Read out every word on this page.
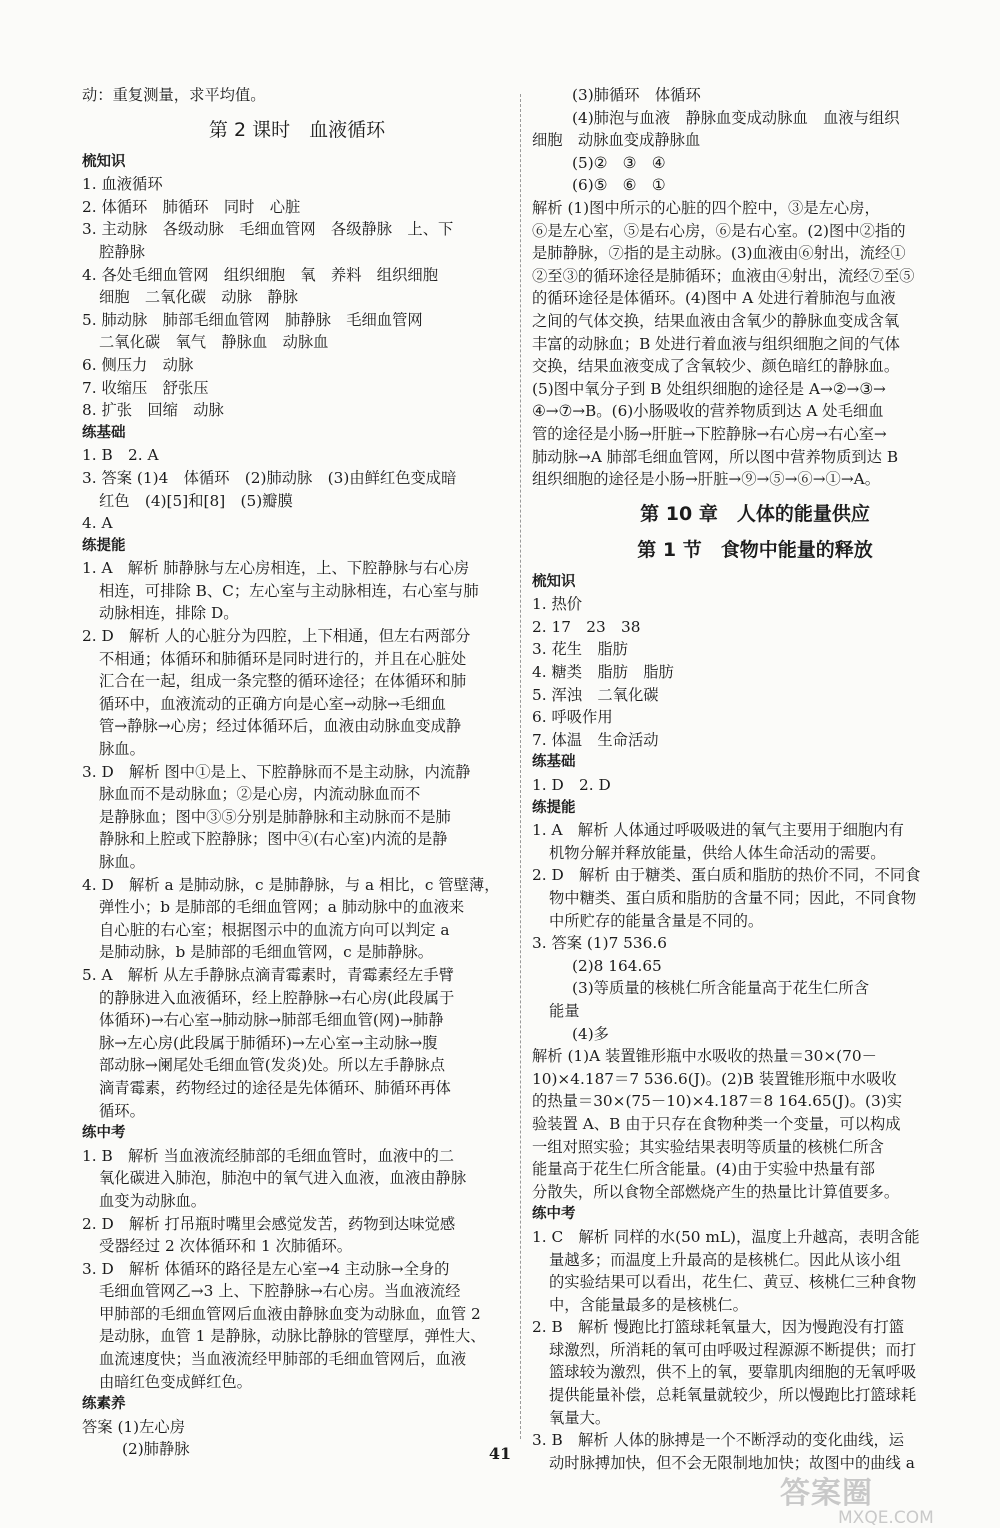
动：重复测量，求平均值。

第 2 课时　血液循环

梳知识

1. 血液循环

2. 体循环　肺循环　同时　心脏

3. 主动脉　各级动脉　毛细血管网　各级静脉　上、下

腔静脉

4. 各处毛细血管网　组织细胞　氧　养料　组织细胞

细胞　二氧化碳　动脉　静脉

5. 肺动脉　肺部毛细血管网　肺静脉　毛细血管网

二氧化碳　氧气　静脉血　动脉血

6. 侧压力　动脉

7. 收缩压　舒张压

8. 扩张　回缩　动脉

练基础

1. B　2. A

3. 答案 (1)4　体循环　(2)肺动脉　(3)由鲜红色变成暗

红色　(4)[5]和[8]　(5)瓣膜

4. A

练提能

1. A　解析 肺静脉与左心房相连，上、下腔静脉与右心房

相连，可排除 B、C；左心室与主动脉相连，右心室与肺

动脉相连，排除 D。

2. D　解析 人的心脏分为四腔，上下相通，但左右两部分

不相通；体循环和肺循环是同时进行的，并且在心脏处

汇合在一起，组成一条完整的循环途径；在体循环和肺

循环中，血液流动的正确方向是心室→动脉→毛细血

管→静脉→心房；经过体循环后，血液由动脉血变成静

脉血。

3. D　解析 图中①是上、下腔静脉而不是主动脉，内流静

脉血而不是动脉血；②是心房，内流动脉血而不

是静脉血；图中③⑤分别是肺静脉和主动脉而不是肺

静脉和上腔或下腔静脉；图中④(右心室)内流的是静

脉血。

4. D　解析 a 是肺动脉，c 是肺静脉，与 a 相比，c 管壁薄，

弹性小；b 是肺部的毛细血管网；a 肺动脉中的血液来

自心脏的右心室；根据图示中的血流方向可以判定 a

是肺动脉，b 是肺部的毛细血管网，c 是肺静脉。

5. A　解析 从左手静脉点滴青霉素时，青霉素经左手臂

的静脉进入血液循环，经上腔静脉→右心房(此段属于

体循环)→右心室→肺动脉→肺部毛细血管(网)→肺静

脉→左心房(此段属于肺循环)→左心室→主动脉→腹

部动脉→阑尾处毛细血管(发炎)处。所以左手静脉点

滴青霉素，药物经过的途径是先体循环、肺循环再体

循环。

练中考

1. B　解析 当血液流经肺部的毛细血管时，血液中的二

氧化碳进入肺泡，肺泡中的氧气进入血液，血液由静脉

血变为动脉血。

2. D　解析 打吊瓶时嘴里会感觉发苦，药物到达味觉感

受器经过 2 次体循环和 1 次肺循环。

3. D　解析 体循环的路径是左心室→4 主动脉→全身的

毛细血管网乙→3 上、下腔静脉→右心房。当血液流经

甲肺部的毛细血管网后血液由静脉血变为动脉血，血管 2

是动脉，血管 1 是静脉，动脉比静脉的管壁厚，弹性大、

血流速度快；当血液流经甲肺部的毛细血管网后，血液

由暗红色变成鲜红色。

练素养

答案 (1)左心房

(2)肺静脉

(3)肺循环　体循环

(4)肺泡与血液　静脉血变成动脉血　血液与组织

细胞　动脉血变成静脉血

(5)②　③　④

(6)⑤　⑥　①

解析 (1)图中所示的心脏的四个腔中，③是左心房，

⑥是左心室，⑤是右心房，⑥是右心室。(2)图中②指的

是肺静脉，⑦指的是主动脉。(3)血液由⑥射出，流经①

②至③的循环途径是肺循环；血液由④射出，流经⑦至⑤

的循环途径是体循环。(4)图中 A 处进行着肺泡与血液

之间的气体交换，结果血液由含氧少的静脉血变成含氧

丰富的动脉血；B 处进行着血液与组织细胞之间的气体

交换，结果血液变成了含氧较少、颜色暗红的静脉血。

(5)图中氧分子到 B 处组织细胞的途径是 A→②→③→

④→⑦→B。(6)小肠吸收的营养物质到达 A 处毛细血

管的途径是小肠→肝脏→下腔静脉→右心房→右心室→

肺动脉→A 肺部毛细血管网，所以图中营养物质到达 B

组织细胞的途径是小肠→肝脏→⑨→⑤→⑥→①→A。

第 10 章　人体的能量供应
第 1 节　食物中能量的释放

梳知识

1. 热价

2. 17　23　38

3. 花生　脂肪

4. 糖类　脂肪　脂肪

5. 浑浊　二氧化碳

6. 呼吸作用

7. 体温　生命活动

练基础

1. D　2. D

练提能

1. A　解析 人体通过呼吸吸进的氧气主要用于细胞内有

机物分解并释放能量，供给人体生命活动的需要。

2. D　解析 由于糖类、蛋白质和脂肪的热价不同，不同食

物中糖类、蛋白质和脂肪的含量不同；因此，不同食物

中所贮存的能量含量是不同的。

3. 答案 (1)7 536.6

(2)8 164.65

(3)等质量的核桃仁所含能量高于花生仁所含

能量

(4)多

解析 (1)A 装置锥形瓶中水吸收的热量＝30×(70－

10)×4.187＝7 536.6(J)。(2)B 装置锥形瓶中水吸收

的热量＝30×(75－10)×4.187＝8 164.65(J)。(3)实

验装置 A、B 由于只存在食物种类一个变量，可以构成

一组对照实验；其实验结果表明等质量的核桃仁所含

能量高于花生仁所含能量。(4)由于实验中热量有部

分散失，所以食物全部燃烧产生的热量比计算值要多。

练中考

1. C　解析 同样的水(50 mL)，温度上升越高，表明含能

量越多；而温度上升最高的是核桃仁。因此从该小组

的实验结果可以看出，花生仁、黄豆、核桃仁三种食物

中，含能量最多的是核桃仁。

2. B　解析 慢跑比打篮球耗氧量大，因为慢跑没有打篮

球激烈，所消耗的氧可由呼吸过程源源不断提供；而打

篮球较为激烈，供不上的氧，要靠肌肉细胞的无氧呼吸

提供能量补偿，总耗氧量就较少，所以慢跑比打篮球耗

氧量大。

3. B　解析 人体的脉搏是一个不断浮动的变化曲线，运

动时脉搏加快，但不会无限制地加快；故图中的曲线 a

41
答案圈
MXQE.COM
